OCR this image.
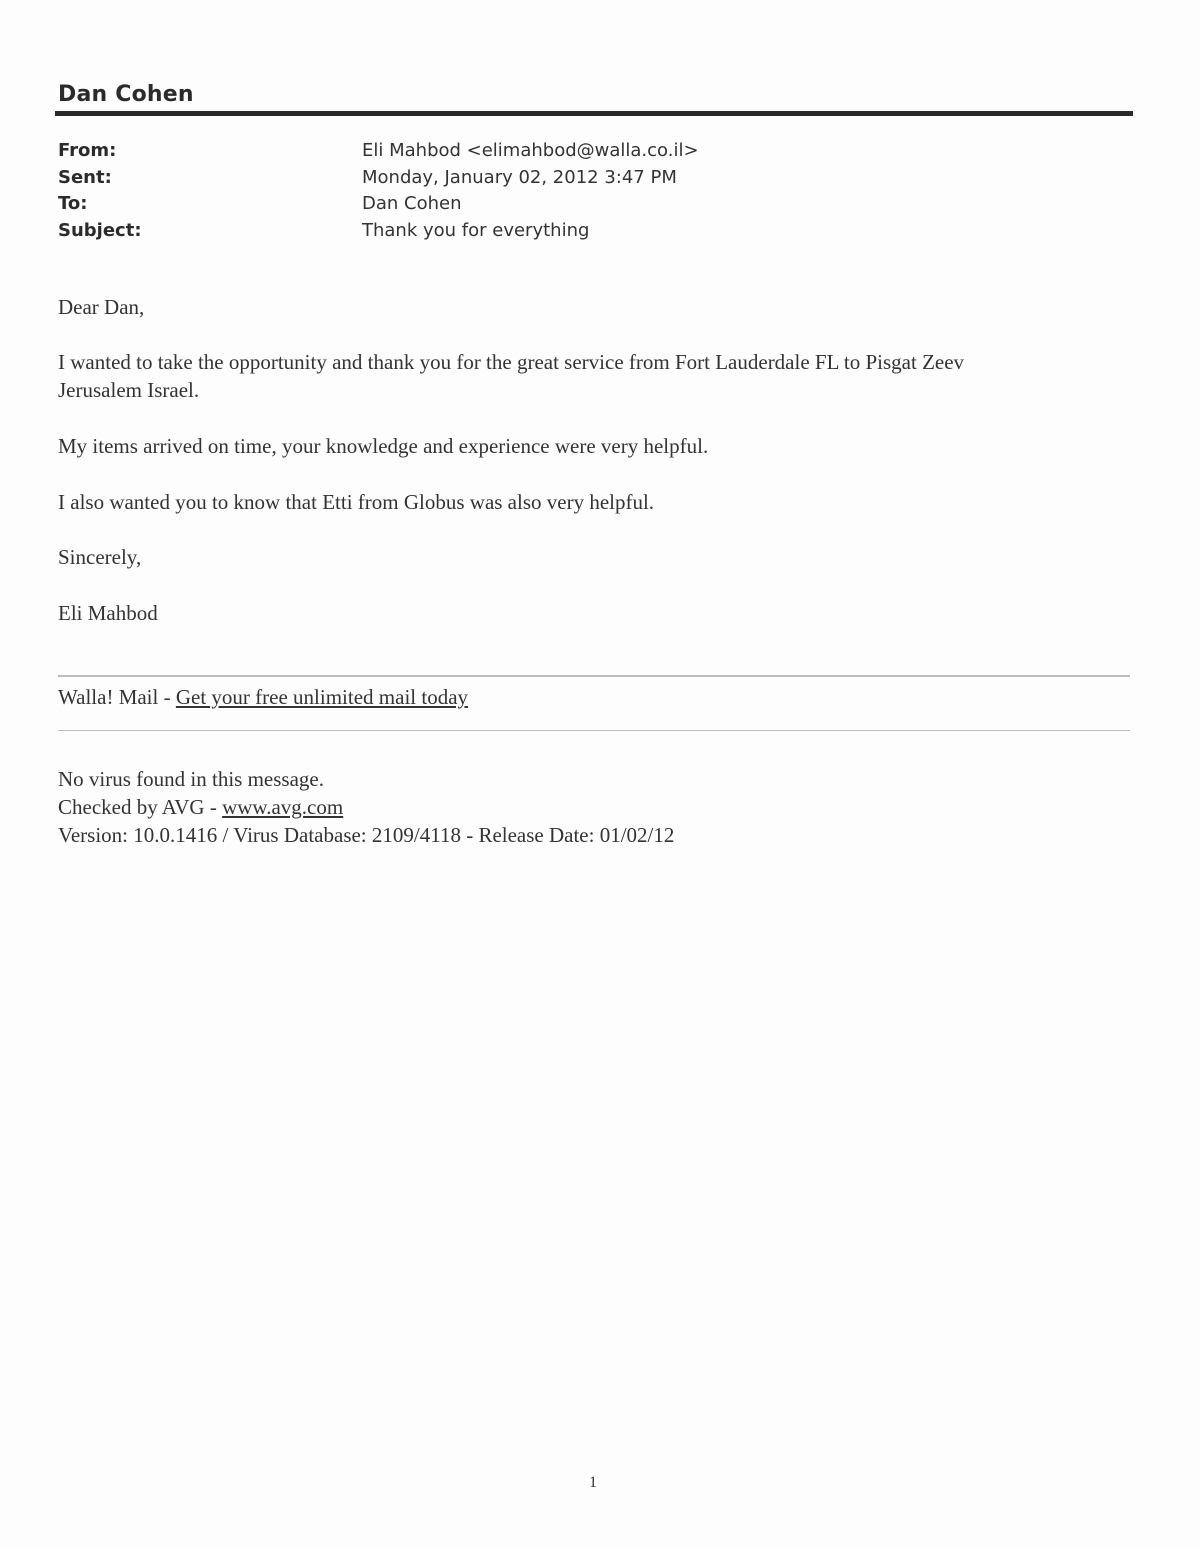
Dan Cohen
From:	Eli Mahbod <elimahbod@walla.co.il>
Sent:	Monday, January 02, 2012 3:47 PM
To:	Dan Cohen
Subject:	Thank you for everything
Dear Dan,
I wanted to take the opportunity and thank you for the great service from Fort Lauderdale FL to Pisgat Zeev
Jerusalem Israel.
My items arrived on time, your knowledge and experience were very helpful.
I also wanted you to know that Etti from Globus was also very helpful.
Sincerely,
Eli Mahbod
Walla! Mail - Get your free unlimited mail today
No virus found in this message.
Checked by AVG - www.avg.com
Version: 10.0.1416 / Virus Database: 2109/4118 - Release Date: 01/02/12
1
